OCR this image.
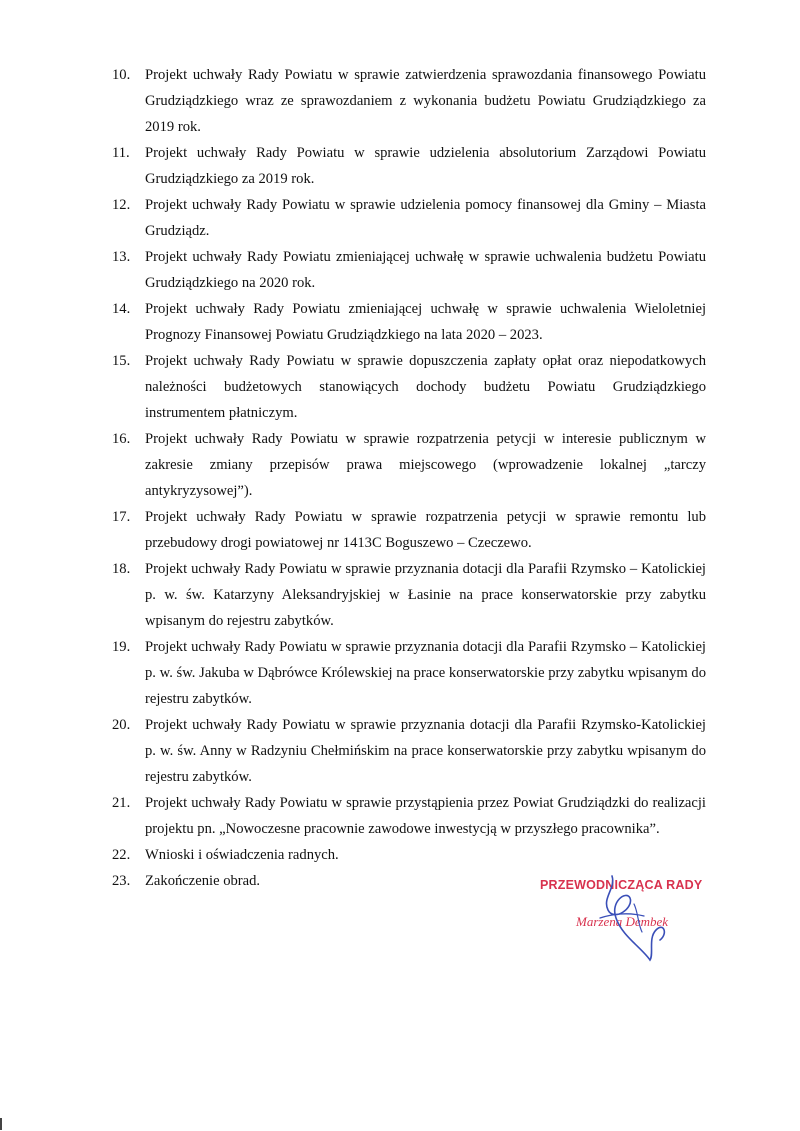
10.	Projekt uchwały Rady Powiatu w sprawie zatwierdzenia sprawozdania finansowego Powiatu Grudziądzkiego wraz ze sprawozdaniem z wykonania budżetu Powiatu Grudziądzkiego za 2019 rok.
11.	Projekt uchwały Rady Powiatu w sprawie udzielenia absolutorium Zarządowi Powiatu Grudziądzkiego za 2019 rok.
12.	Projekt uchwały Rady Powiatu w sprawie udzielenia pomocy finansowej dla Gminy – Miasta Grudziądz.
13.	Projekt uchwały Rady Powiatu zmieniającej uchwałę w sprawie uchwalenia budżetu Powiatu Grudziądzkiego na 2020 rok.
14.	Projekt uchwały Rady Powiatu zmieniającej uchwałę w sprawie uchwalenia Wieloletniej Prognozy Finansowej Powiatu Grudziądzkiego na lata 2020 – 2023.
15.	Projekt uchwały Rady Powiatu w sprawie dopuszczenia zapłaty opłat oraz niepodatkowych należności budżetowych stanowiących dochody budżetu Powiatu Grudziądzkiego instrumentem płatniczym.
16.	Projekt uchwały Rady Powiatu w sprawie rozpatrzenia petycji w interesie publicznym w zakresie zmiany przepisów prawa miejscowego (wprowadzenie lokalnej „tarczy antykryzysowej”).
17.	Projekt uchwały Rady Powiatu w sprawie rozpatrzenia petycji w sprawie remontu lub przebudowy drogi powiatowej nr 1413C Boguszewo – Czeczewo.
18.	Projekt uchwały Rady Powiatu w sprawie przyznania dotacji dla Parafii Rzymsko – Katolickiej p. w. św. Katarzyny Aleksandryjskiej w Łasinie na prace konserwatorskie przy zabytku wpisanym do rejestru zabytków.
19.	Projekt uchwały Rady Powiatu w sprawie przyznania dotacji dla Parafii Rzymsko – Katolickiej p. w. św. Jakuba w Dąbrówce Królewskiej na prace konserwatorskie przy zabytku wpisanym do rejestru zabytków.
20.	Projekt uchwały Rady Powiatu w sprawie przyznania dotacji dla Parafii Rzymsko-Katolickiej p. w. św. Anny w Radzyniu Chełmińskim na prace konserwatorskie przy zabytku wpisanym do rejestru zabytków.
21.	Projekt uchwały Rady Powiatu w sprawie przystąpienia przez Powiat Grudziądzki do realizacji projektu pn. „Nowoczesne pracownie zawodowe inwestycją w przyszłego pracownika”.
22.	Wnioski i oświadczenia radnych.
23.	Zakończenie obrad.	PRZEWODNICZĄCA RADY
Marzena Dembek
